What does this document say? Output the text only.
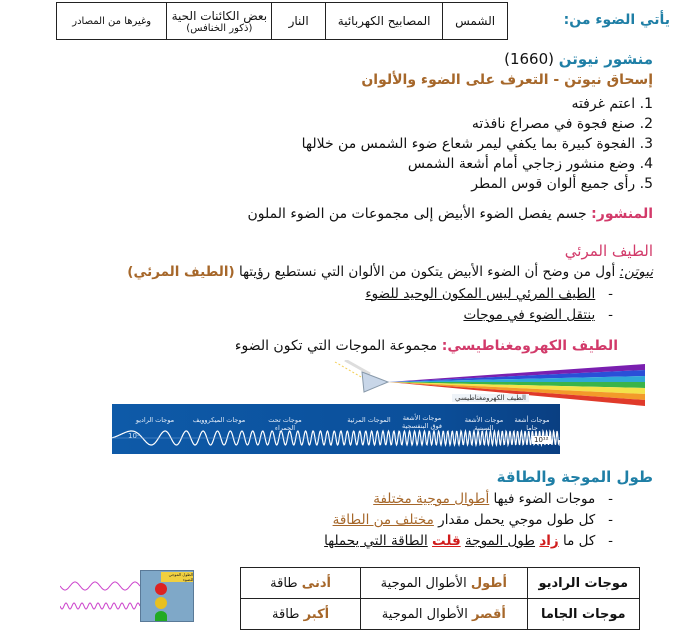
يأتي الضوء من:
الشمس	المصابيح الكهربائية	النار	
بعض الكائنات الحية
(ذكور الخنافس)
	وغيرها من المصادر
منشور نيوتن (1660)
إسحاق نيوتن - التعرف على الضوء والألوان
1. اعتم غرفته
2. صنع فجوة في مصراع نافذته
3. الفجوة كبيرة بما يكفي ليمر شعاع ضوء الشمس من خلالها
4. وضع منشور زجاجي أمام أشعة الشمس
5. رأى جميع ألوان قوس المطر
المنشور: جسم يفصل الضوء الأبيض إلى مجموعات من الضوء الملون
الطيف المرئي
نيوتن: أول من وضح أن الضوء الأبيض يتكون من الألوان التي نستطيع رؤيتها (الطيف المرئي)
-   الطيف المرئي ليس المكون الوحيد للضوء
-   ينتقل الضوء في موجات
الطيف الكهرومغناطيسي: مجموعة الموجات التي تكون الضوء
الطيف الكهرومغناطيسي
موجات أشعة جاما
موجات الأشعة السينية
موجات الأشعة فوق البنفسجية
الموجات المرئية
موجات تحت الحمراء
موجات الميكروويف
موجات الراديو
10³	10¹²
طول الموجة والطاقة
-   موجات الضوء فيها أطوال موجية مختلفة
-   كل طول موجي يحمل مقدار مختلف من الطاقة
-   كل ما زاد طول الموجة قلت الطاقة التي يحملها
الطول الموجي للضوء	موجات الراديو	أطول الأطوال الموجية	أدنى طاقة
موجات الجاما	أقصر الأطوال الموجية	أكبر طاقة
